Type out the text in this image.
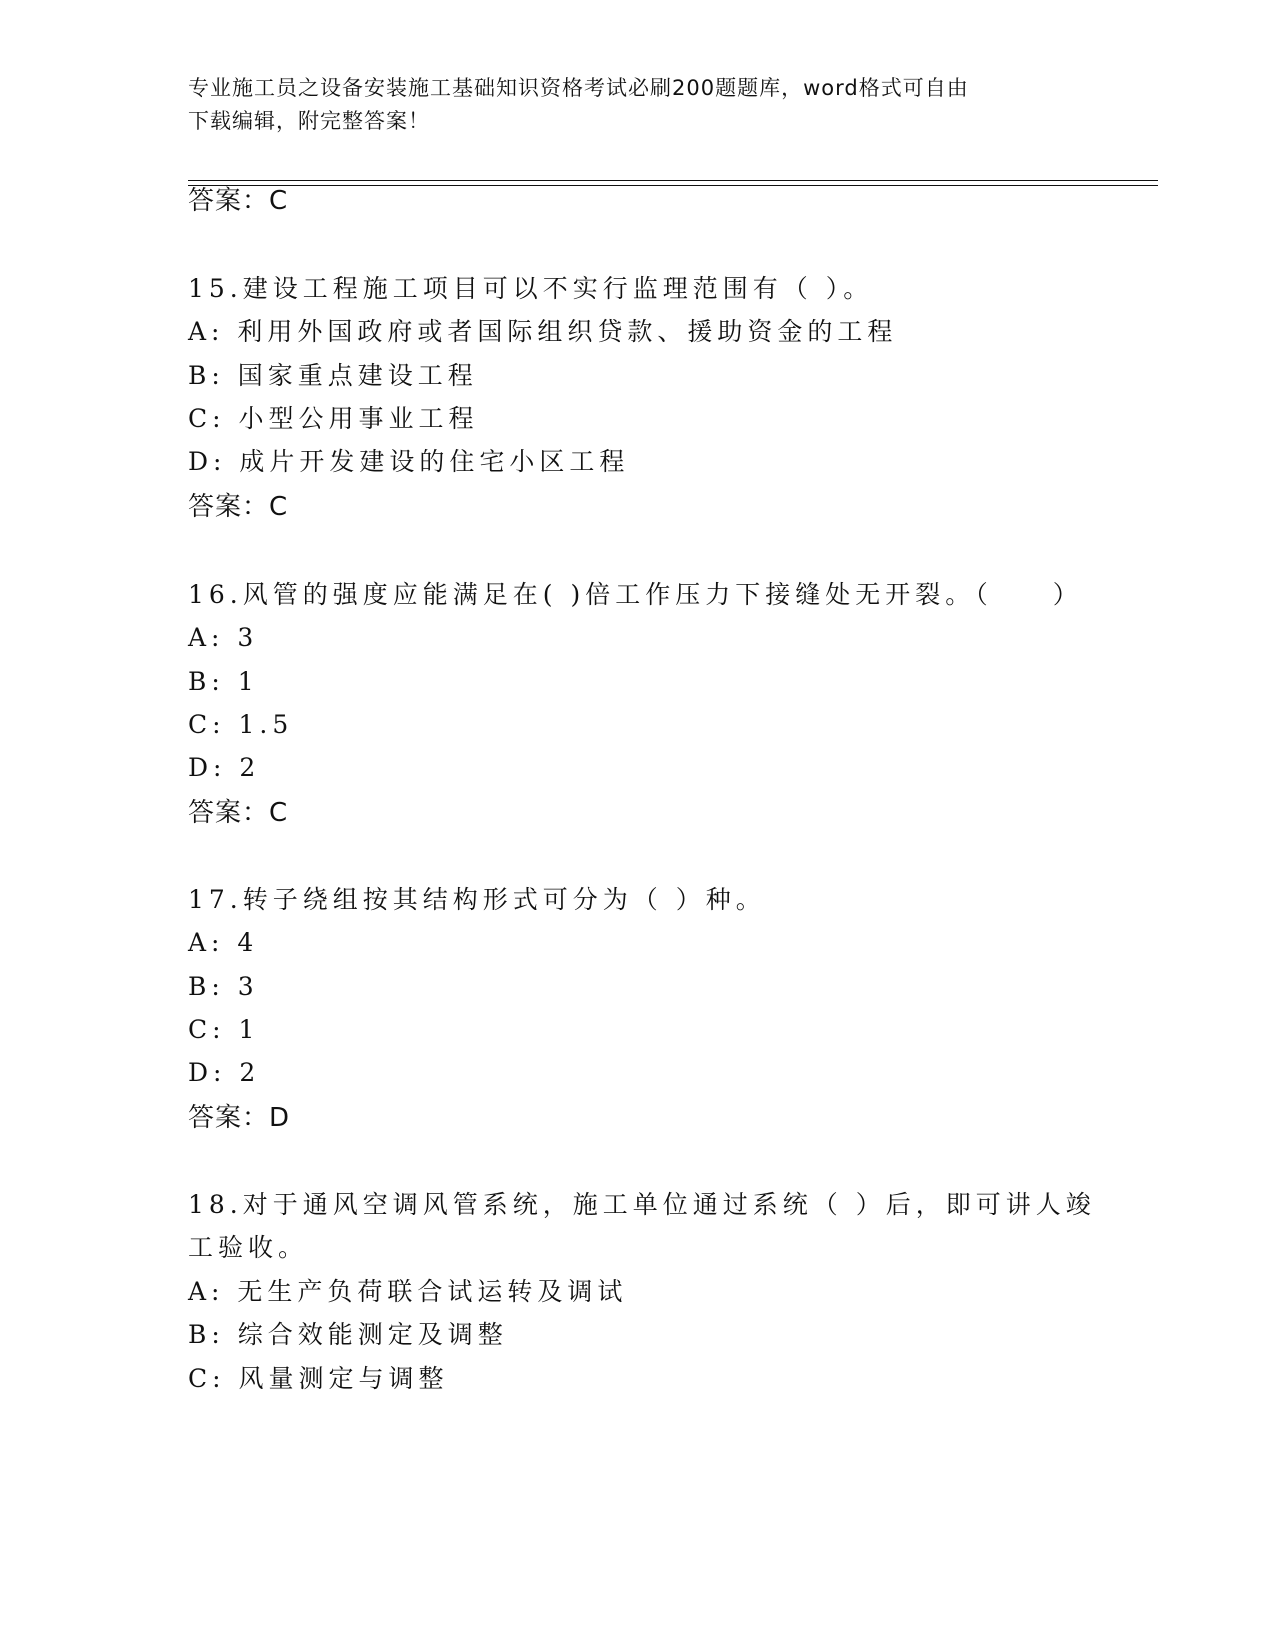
专业施工员之设备安装施工基础知识资格考试必刷200题题库，word格式可自由
下载编辑，附完整答案！
答案：C
15.建设工程施工项目可以不实行监理范围有（ ）。
A: 利用外国政府或者国际组织贷款、援助资金的工程
B: 国家重点建设工程
C: 小型公用事业工程
D: 成片开发建设的住宅小区工程
答案：C
16.风管的强度应能满足在( )倍工作压力下接缝处无开裂。（　　）
A: 3
B: 1
C: 1.5
D: 2
答案：C
17.转子绕组按其结构形式可分为（ ）种。
A: 4
B: 3
C: 1
D: 2
答案：D
18.对于通风空调风管系统，施工单位通过系统（ ）后，即可讲人竣
工验收。
A: 无生产负荷联合试运转及调试
B: 综合效能测定及调整
C: 风量测定与调整
